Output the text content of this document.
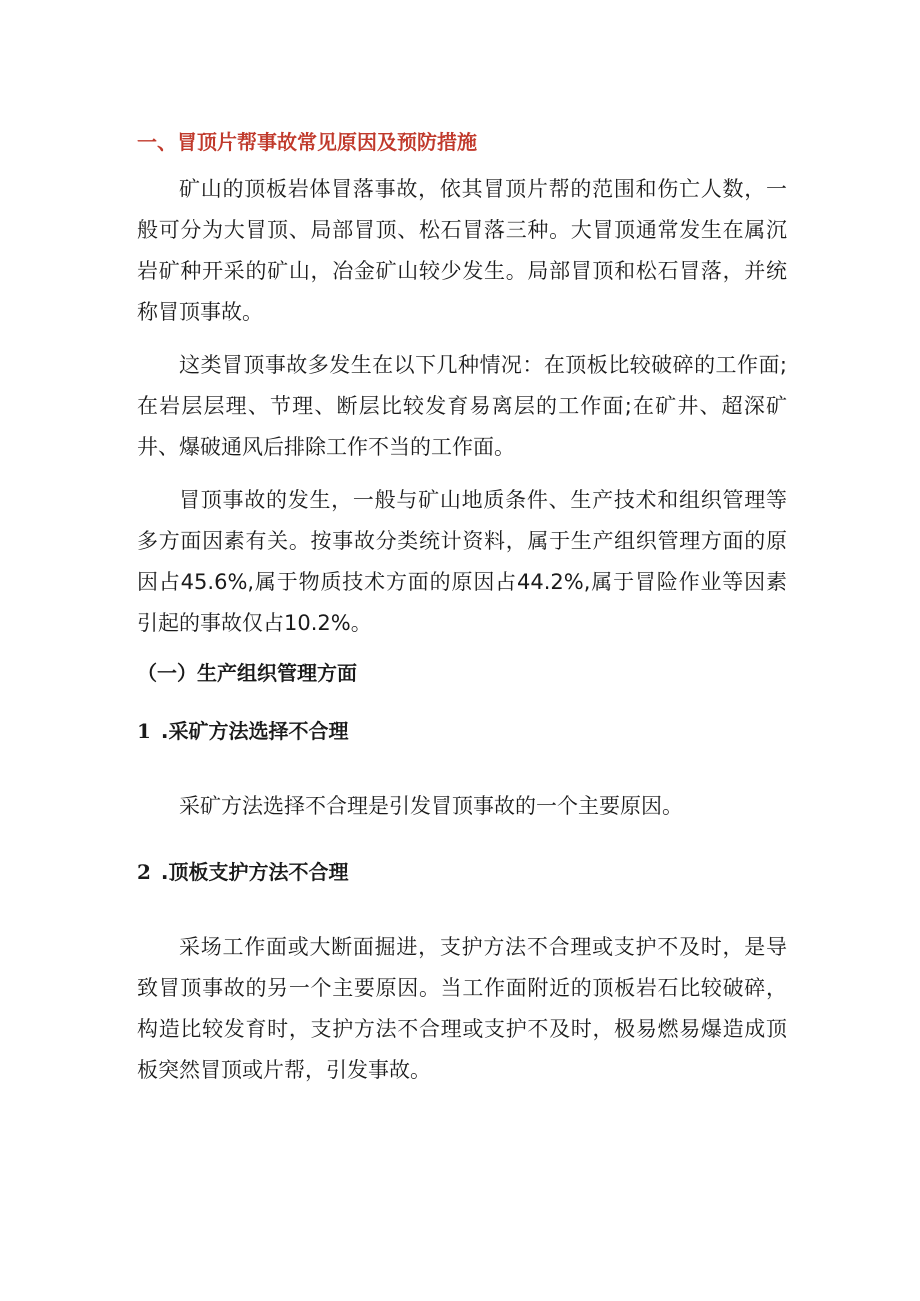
一、冒顶片帮事故常见原因及预防措施

矿山的顶板岩体冒落事故，依其冒顶片帮的范围和伤亡人数，一般可分为大冒顶、局部冒顶、松石冒落三种。大冒顶通常发生在属沉岩矿种开采的矿山，冶金矿山较少发生。局部冒顶和松石冒落，并统称冒顶事故。

这类冒顶事故多发生在以下几种情况：在顶板比较破碎的工作面;在岩层层理、节理、断层比较发育易离层的工作面;在矿井、超深矿井、爆破通风后排除工作不当的工作面。

冒顶事故的发生，一般与矿山地质条件、生产技术和组织管理等多方面因素有关。按事故分类统计资料，属于生产组织管理方面的原因占45.6%,属于物质技术方面的原因占44.2%,属于冒险作业等因素引起的事故仅占10.2%。

（一）生产组织管理方面
1 .采矿方法选择不合理

采矿方法选择不合理是引发冒顶事故的一个主要原因。

2 .顶板支护方法不合理

采场工作面或大断面掘进，支护方法不合理或支护不及时，是导致冒顶事故的另一个主要原因。当工作面附近的顶板岩石比较破碎，构造比较发育时，支护方法不合理或支护不及时，极易燃易爆造成顶板突然冒顶或片帮，引发事故。
